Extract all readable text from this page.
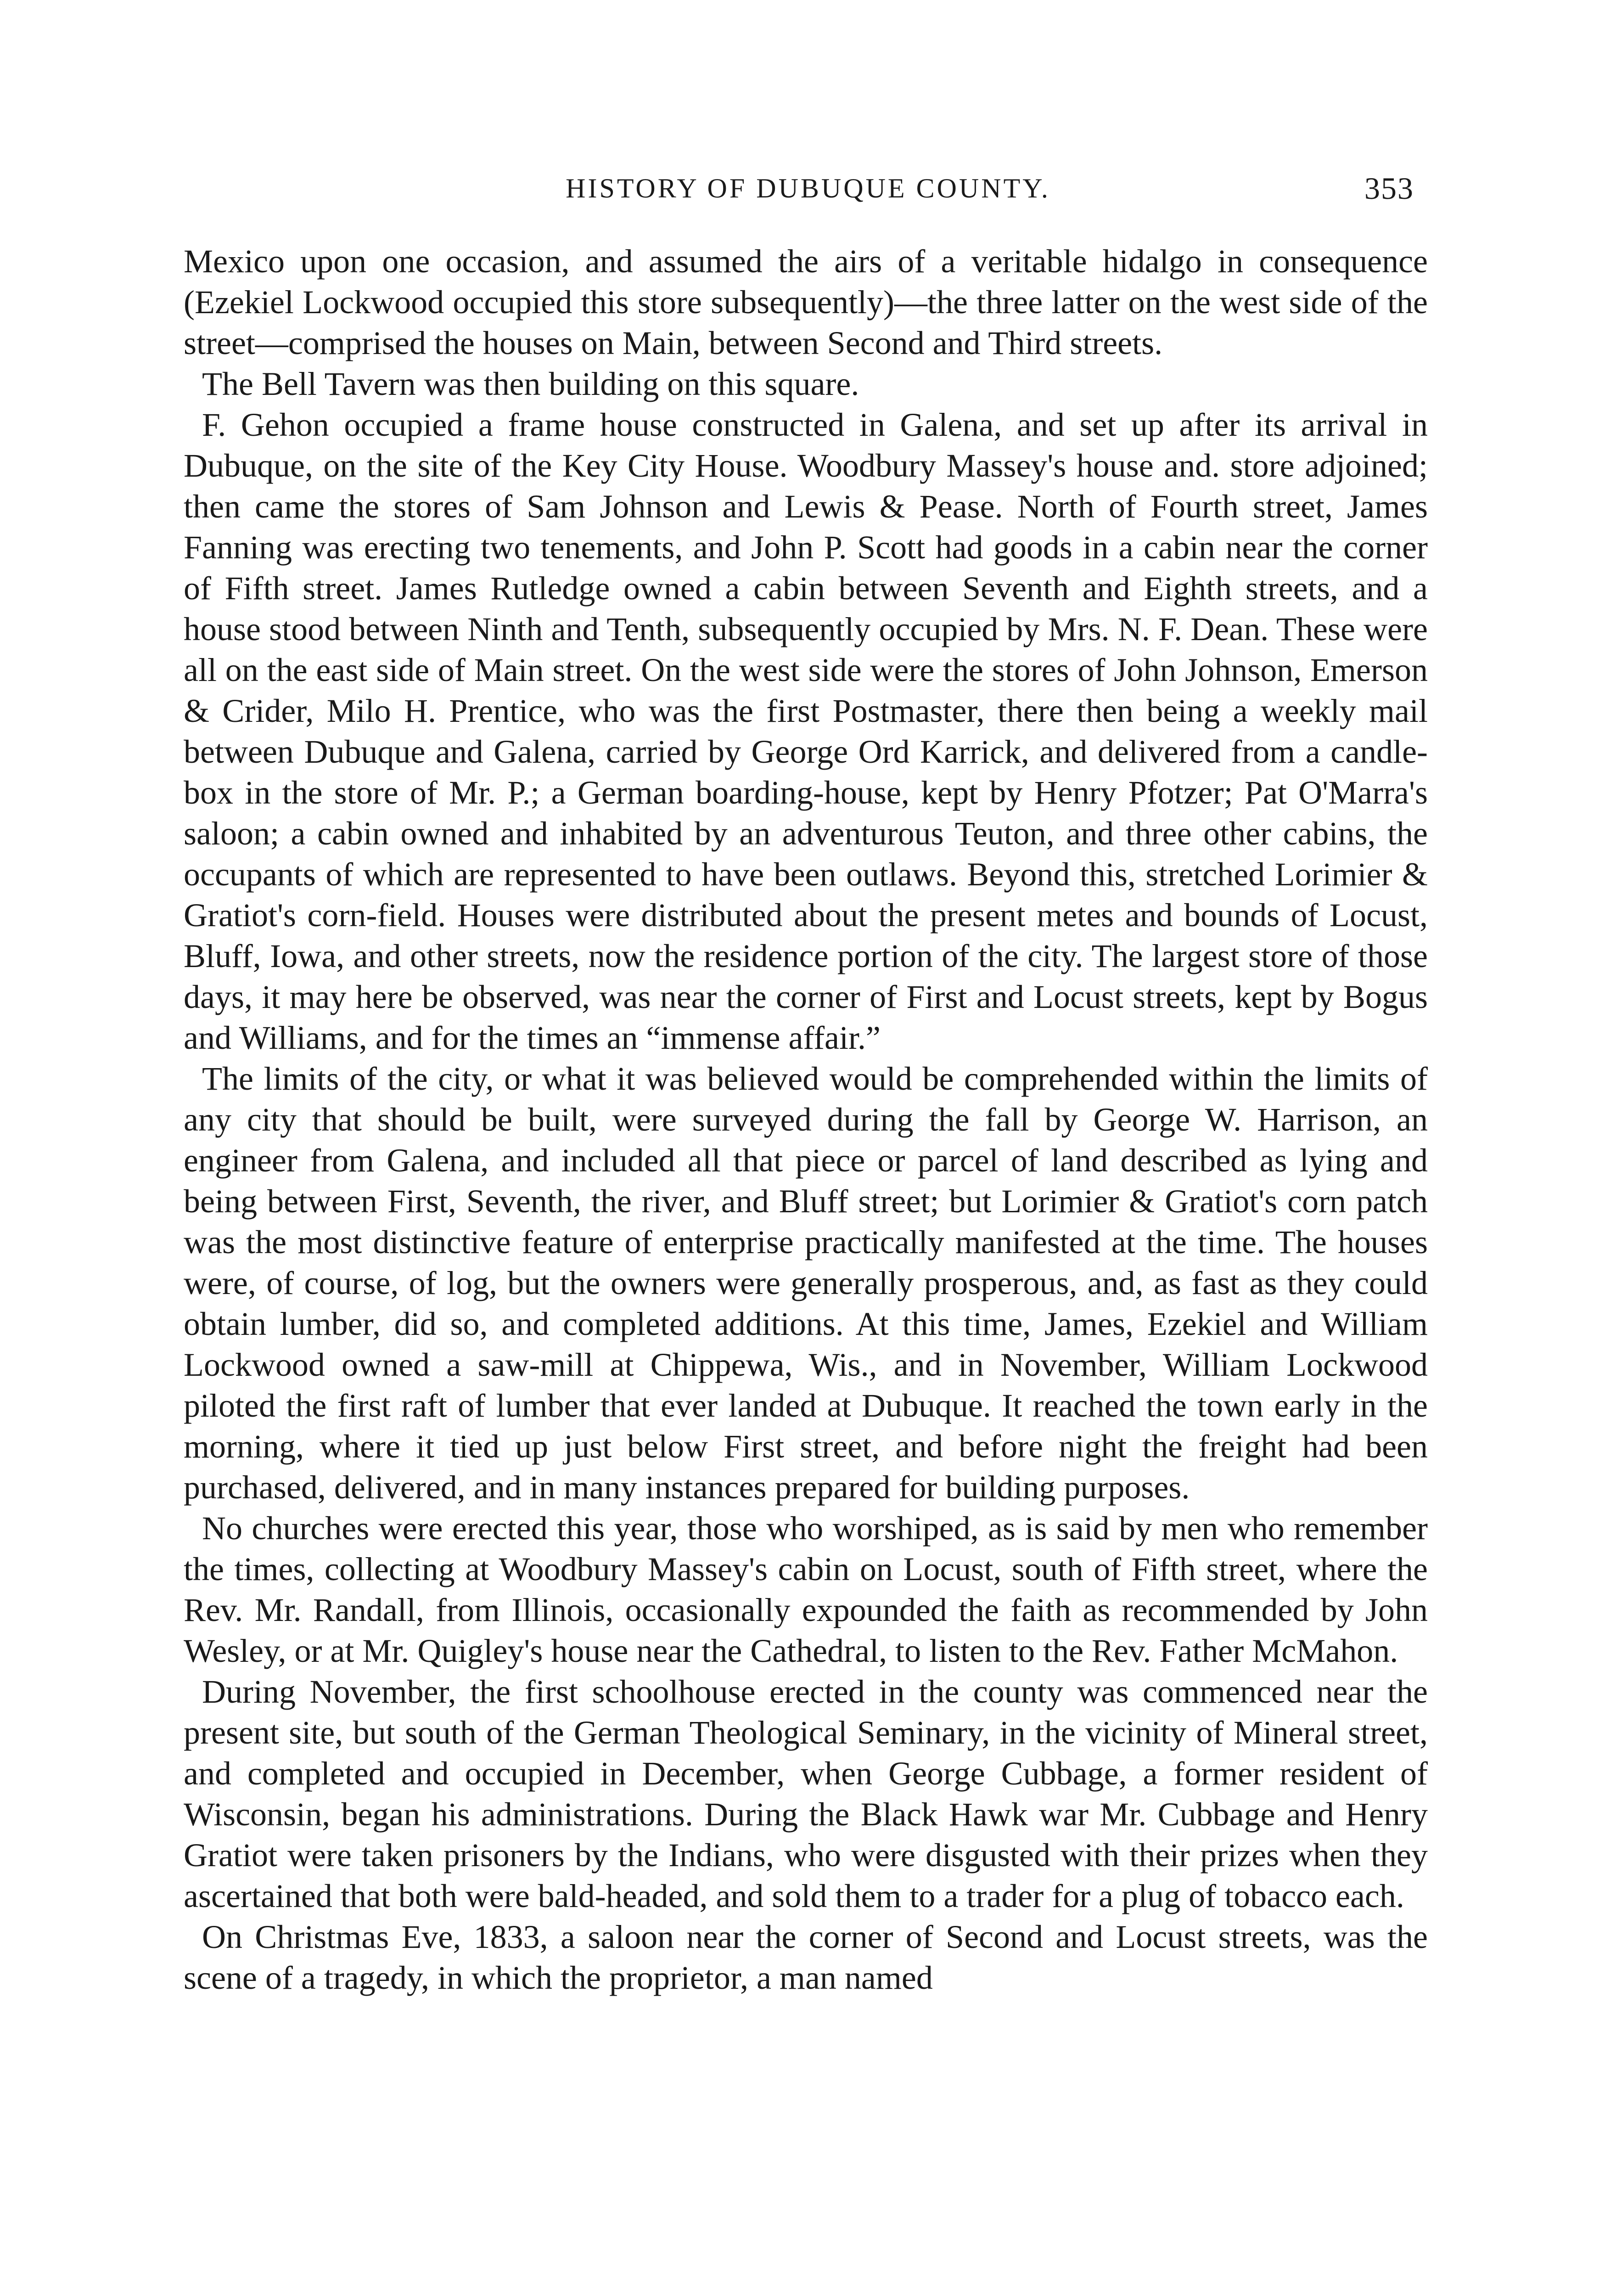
HISTORY OF DUBUQUE COUNTY.	353

Mexico upon one occasion, and assumed the airs of a veritable hidalgo in consequence (Ezekiel Lockwood occupied this store subsequently)—the three latter on the west side of the street—comprised the houses on Main, between Second and Third streets.

The Bell Tavern was then building on this square.

F. Gehon occupied a frame house constructed in Galena, and set up after its arrival in Dubuque, on the site of the Key City House. Woodbury Massey's house and. store adjoined; then came the stores of Sam Johnson and Lewis & Pease. North of Fourth street, James Fanning was erecting two tenements, and John P. Scott had goods in a cabin near the corner of Fifth street. James Rutledge owned a cabin between Seventh and Eighth streets, and a house stood between Ninth and Tenth, subsequently occupied by Mrs. N. F. Dean. These were all on the east side of Main street. On the west side were the stores of John Johnson, Emerson & Crider, Milo H. Prentice, who was the first Postmaster, there then being a weekly mail between Dubuque and Galena, carried by George Ord Karrick, and delivered from a candle-box in the store of Mr. P.; a German boarding-house, kept by Henry Pfotzer; Pat O'Marra's saloon; a cabin owned and inhabited by an adventurous Teuton, and three other cabins, the occupants of which are represented to have been outlaws. Beyond this, stretched Lorimier & Gratiot's corn-field. Houses were distributed about the present metes and bounds of Locust, Bluff, Iowa, and other streets, now the residence portion of the city. The largest store of those days, it may here be observed, was near the corner of First and Locust streets, kept by Bogus and Williams, and for the times an “immense affair.”

The limits of the city, or what it was believed would be comprehended within the limits of any city that should be built, were surveyed during the fall by George W. Harrison, an engineer from Galena, and included all that piece or parcel of land described as lying and being between First, Seventh, the river, and Bluff street; but Lorimier & Gratiot's corn patch was the most distinctive feature of enterprise practically manifested at the time. The houses were, of course, of log, but the owners were generally prosperous, and, as fast as they could obtain lumber, did so, and completed additions. At this time, James, Ezekiel and William Lockwood owned a saw-mill at Chippewa, Wis., and in November, William Lockwood piloted the first raft of lumber that ever landed at Dubuque. It reached the town early in the morning, where it tied up just below First street, and before night the freight had been purchased, delivered, and in many instances prepared for building purposes.

No churches were erected this year, those who worshiped, as is said by men who remember the times, collecting at Woodbury Massey's cabin on Locust, south of Fifth street, where the Rev. Mr. Randall, from Illinois, occasionally expounded the faith as recommended by John Wesley, or at Mr. Quigley's house near the Cathedral, to listen to the Rev. Father McMahon.

During November, the first schoolhouse erected in the county was commenced near the present site, but south of the German Theological Seminary, in the vicinity of Mineral street, and completed and occupied in December, when George Cubbage, a former resident of Wisconsin, began his administrations. During the Black Hawk war Mr. Cubbage and Henry Gratiot were taken prisoners by the Indians, who were disgusted with their prizes when they ascertained that both were bald-headed, and sold them to a trader for a plug of tobacco each.

On Christmas Eve, 1833, a saloon near the corner of Second and Locust streets, was the scene of a tragedy, in which the proprietor, a man named
